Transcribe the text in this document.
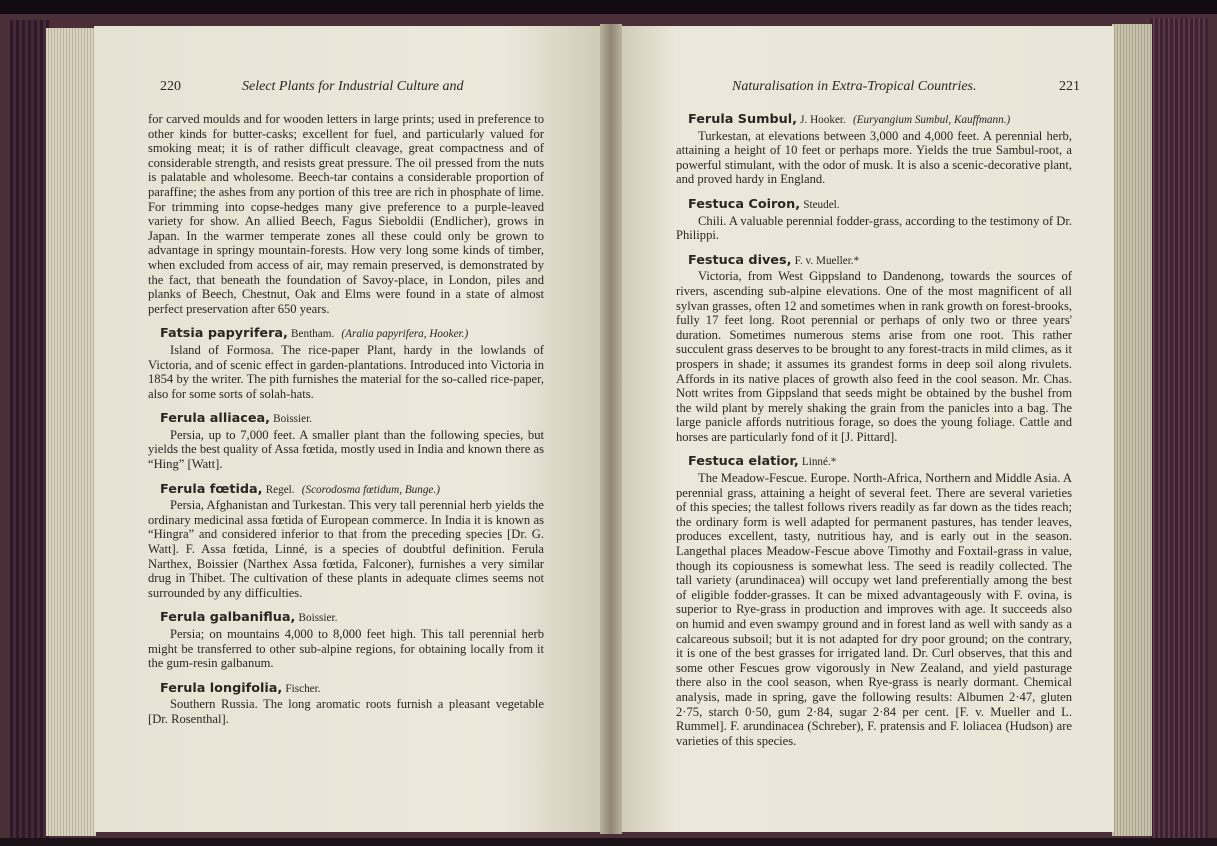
220	Select Plants for Industrial Culture and
for carved moulds and for wooden letters in large prints; used in preference to other kinds for butter-casks; excellent for fuel, and particularly valued for smoking meat; it is of rather difficult cleavage, great compactness and of considerable strength, and resists great pressure. The oil pressed from the nuts is palatable and wholesome. Beech-tar contains a considerable proportion of paraffine; the ashes from any portion of this tree are rich in phosphate of lime. For trimming into copse-hedges many give preference to a purple-leaved variety for show. An allied Beech, Fagus Sieboldii (Endlicher), grows in Japan. In the warmer temperate zones all these could only be grown to advantage in springy mountain-forests. How very long some kinds of timber, when excluded from access of air, may remain preserved, is demonstrated by the fact, that beneath the foundation of Savoy-place, in London, piles and planks of Beech, Chestnut, Oak and Elms were found in a state of almost perfect preservation after 650 years.
Fatsia papyrifera, Bentham. (Aralia papyrifera, Hooker.)
Island of Formosa. The rice-paper Plant, hardy in the lowlands of Victoria, and of scenic effect in garden-plantations. Introduced into Victoria in 1854 by the writer. The pith furnishes the material for the so-called rice-paper, also for some sorts of solah-hats.
Ferula alliacea, Boissier.
Persia, up to 7,000 feet. A smaller plant than the following species, but yields the best quality of Assa fœtida, mostly used in India and known there as “Hing” [Watt].
Ferula fœtida, Regel. (Scorodosma fœtidum, Bunge.)
Persia, Afghanistan and Turkestan. This very tall perennial herb yields the ordinary medicinal assa fœtida of European commerce. In India it is known as “Hingra” and considered inferior to that from the preceding species [Dr. G. Watt]. F. Assa fœtida, Linné, is a species of doubtful definition. Ferula Narthex, Boissier (Narthex Assa fœtida, Falconer), furnishes a very similar drug in Thibet. The cultivation of these plants in adequate climes seems not surrounded by any difficulties.
Ferula galbaniflua, Boissier.
Persia; on mountains 4,000 to 8,000 feet high. This tall perennial herb might be transferred to other sub-alpine regions, for obtaining locally from it the gum-resin galbanum.
Ferula longifolia, Fischer.
Southern Russia. The long aromatic roots furnish a pleasant vegetable [Dr. Rosenthal].
Naturalisation in Extra-Tropical Countries.	221
Ferula Sumbul, J. Hooker. (Euryangium Sumbul, Kauffmann.)
Turkestan, at elevations between 3,000 and 4,000 feet. A perennial herb, attaining a height of 10 feet or perhaps more. Yields the true Sambul-root, a powerful stimulant, with the odor of musk. It is also a scenic-decorative plant, and proved hardy in England.
Festuca Coiron, Steudel.
Chili. A valuable perennial fodder-grass, according to the testimony of Dr. Philippi.
Festuca dives, F. v. Mueller.*
Victoria, from West Gippsland to Dandenong, towards the sources of rivers, ascending sub-alpine elevations. One of the most magnificent of all sylvan grasses, often 12 and sometimes when in rank growth on forest-brooks, fully 17 feet long. Root perennial or perhaps of only two or three years' duration. Sometimes numerous stems arise from one root. This rather succulent grass deserves to be brought to any forest-tracts in mild climes, as it prospers in shade; it assumes its grandest forms in deep soil along rivulets. Affords in its native places of growth also feed in the cool season. Mr. Chas. Nott writes from Gippsland that seeds might be obtained by the bushel from the wild plant by merely shaking the grain from the panicles into a bag. The large panicle affords nutritious forage, so does the young foliage. Cattle and horses are particularly fond of it [J. Pittard].
Festuca elatior, Linné.*
The Meadow-Fescue. Europe. North-Africa, Northern and Middle Asia. A perennial grass, attaining a height of several feet. There are several varieties of this species; the tallest follows rivers readily as far down as the tides reach; the ordinary form is well adapted for permanent pastures, has tender leaves, produces excellent, tasty, nutritious hay, and is early out in the season. Langethal places Meadow-Fescue above Timothy and Foxtail-grass in value, though its copiousness is somewhat less. The seed is readily collected. The tall variety (arundinacea) will occupy wet land preferentially among the best of eligible fodder-grasses. It can be mixed advantageously with F. ovina, is superior to Rye-grass in production and improves with age. It succeeds also on humid and even swampy ground and in forest land as well with sandy as a calcareous subsoil; but it is not adapted for dry poor ground; on the contrary, it is one of the best grasses for irrigated land. Dr. Curl observes, that this and some other Fescues grow vigorously in New Zealand, and yield pasturage there also in the cool season, when Rye-grass is nearly dormant. Chemical analysis, made in spring, gave the following results: Albumen 2·47, gluten 2·75, starch 0·50, gum 2·84, sugar 2·84 per cent. [F. v. Mueller and L. Rummel]. F. arundinacea (Schreber), F. pratensis and F. loliacea (Hudson) are varieties of this species.
